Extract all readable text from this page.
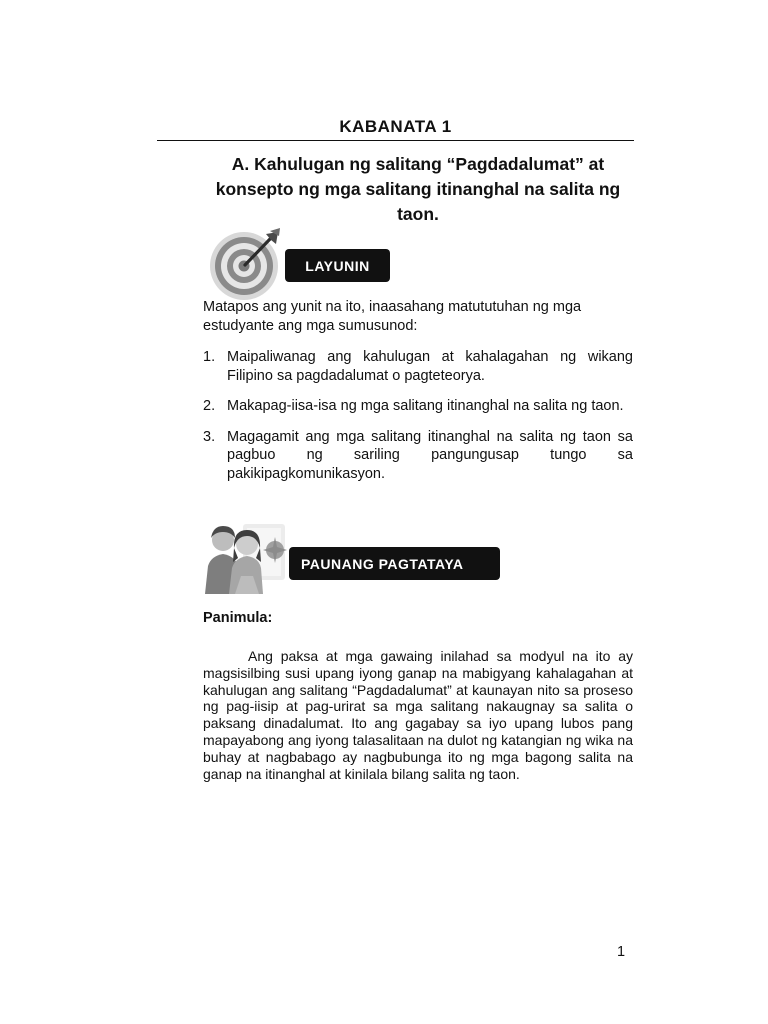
KABANATA 1
A. Kahulugan ng salitang “Pagdadalumat” at
konsepto ng mga salitang itinanghal na salita ng
taon.
LAYUNIN
Matapos ang yunit na ito, inaasahang matututuhan ng mga estudyante ang mga sumusunod:
1. Maipaliwanag ang kahulugan at kahalagahan ng wikang Filipino sa pagdadalumat o pagteteorya.
2. Makapag-iisa-isa ng mga salitang itinanghal na salita ng taon.
3. Magagamit ang mga salitang itinanghal na salita ng taon sa pagbuo ng sariling pangungusap tungo sa pakikipagkomunikasyon.
PAUNANG PAGTATAYA
Panimula:
Ang paksa at mga gawaing inilahad sa modyul na ito ay magsisilbing susi upang iyong ganap na mabigyang kahalagahan at kahulugan ang salitang “Pagdadalumat” at kaunayan nito sa proseso ng pag-iisip at pag-urirat sa mga salitang nakaugnay sa salita o paksang dinadalumat. Ito ang gagabay sa iyo upang lubos pang mapayabong ang iyong talasalitaan na dulot ng katangian ng wika na buhay at nagbabago ay nagbubunga ito ng mga bagong salita na ganap na itinanghal at kinilala bilang salita ng taon.
1
